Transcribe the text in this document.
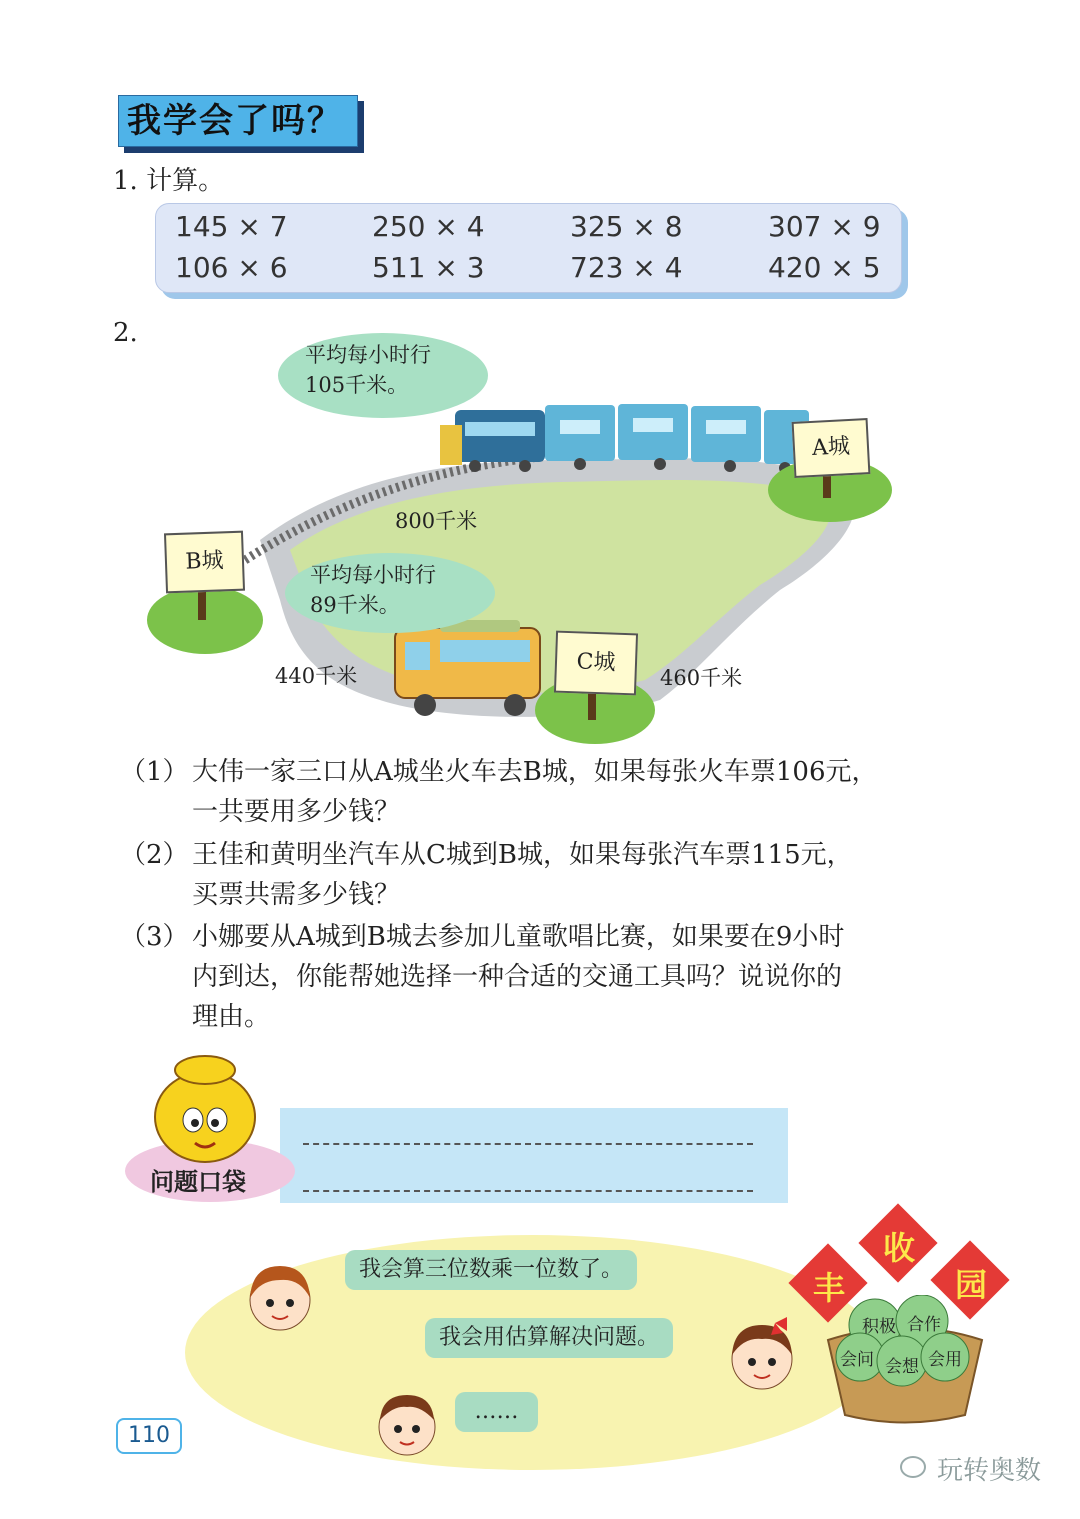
我学会了吗？
1. 计算。
145 × 7	250 × 4	325 × 8	307 × 9
106 × 6	511 × 3	723 × 4	420 × 5
2.
平均每小时行
105千米。
平均每小时行
89千米。
A城
B城
C城
800千米
440千米	460千米
（1） 大伟一家三口从A城坐火车去B城，如果每张火车票106元，
一共要用多少钱？
（2） 王佳和黄明坐汽车从C城到B城，如果每张汽车票115元，
买票共需多少钱？
（3） 小娜要从A城到B城去参加儿童歌唱比赛，如果要在9小时
内到达，你能帮她选择一种合适的交通工具吗？说说你的
理由。
问题口袋
我会算三位数乘一位数了。
我会用估算解决问题。
……
积极 合作
会问 会想 会用
丰
收
园
110
玩转奥数
